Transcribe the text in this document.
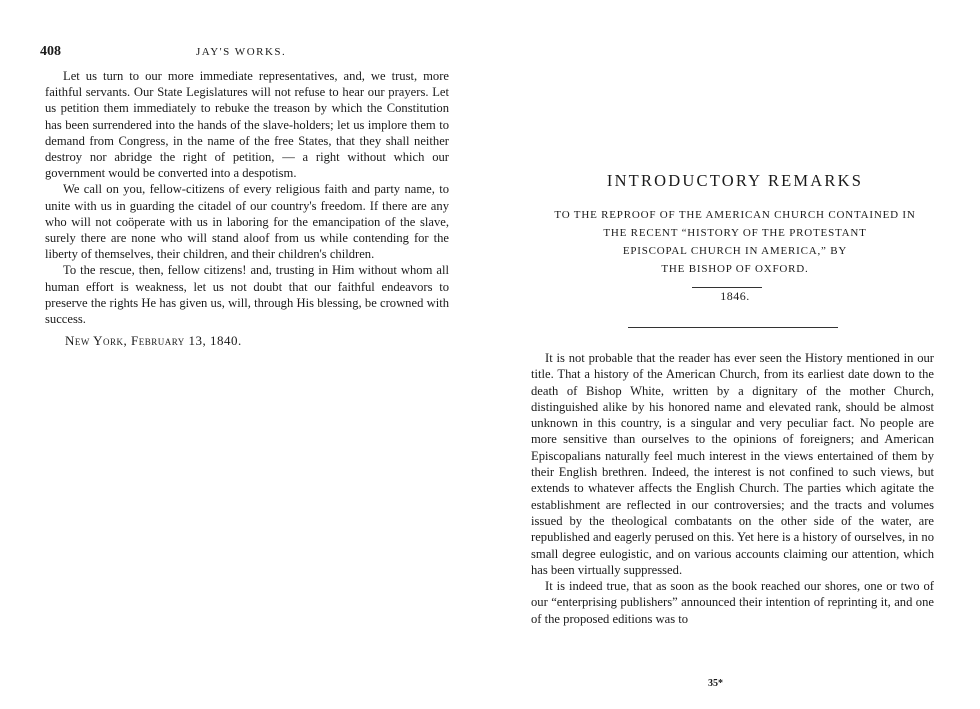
408	JAY'S WORKS.

Let us turn to our more immediate representatives, and, we trust, more faithful servants. Our State Legislatures will not refuse to hear our prayers. Let us petition them immediately to rebuke the treason by which the Constitution has been surrendered into the hands of the slave-holders; let us implore them to demand from Congress, in the name of the free States, that they shall neither destroy nor abridge the right of petition, — a right without which our government would be converted into a despotism.

We call on you, fellow-citizens of every religious faith and party name, to unite with us in guarding the citadel of our country's freedom. If there are any who will not coöperate with us in laboring for the emancipation of the slave, surely there are none who will stand aloof from us while contending for the liberty of themselves, their children, and their children's children.

To the rescue, then, fellow citizens! and, trusting in Him without whom all human effort is weakness, let us not doubt that our faithful endeavors to preserve the rights He has given us, will, through His blessing, be crowned with success.

New York, February 13, 1840.

INTRODUCTORY REMARKS
TO THE REPROOF OF THE AMERICAN CHURCH CONTAINED IN
THE RECENT “HISTORY OF THE PROTESTANT
EPISCOPAL CHURCH IN AMERICA,” BY
THE BISHOP OF OXFORD.
1846.

It is not probable that the reader has ever seen the History mentioned in our title. That a history of the American Church, from its earliest date down to the death of Bishop White, written by a dignitary of the mother Church, distinguished alike by his honored name and elevated rank, should be almost unknown in this country, is a singular and very peculiar fact. No people are more sensitive than ourselves to the opinions of foreigners; and American Episcopalians naturally feel much interest in the views entertained of them by their English brethren. Indeed, the interest is not confined to such views, but extends to whatever affects the English Church. The parties which agitate the establishment are reflected in our controversies; and the tracts and volumes issued by the theological combatants on the other side of the water, are republished and eagerly perused on this. Yet here is a history of ourselves, in no small degree eulogistic, and on various accounts claiming our attention, which has been virtually suppressed.

It is indeed true, that as soon as the book reached our shores, one or two of our “enterprising publishers” announced their intention of reprinting it, and one of the proposed editions was to

35*
